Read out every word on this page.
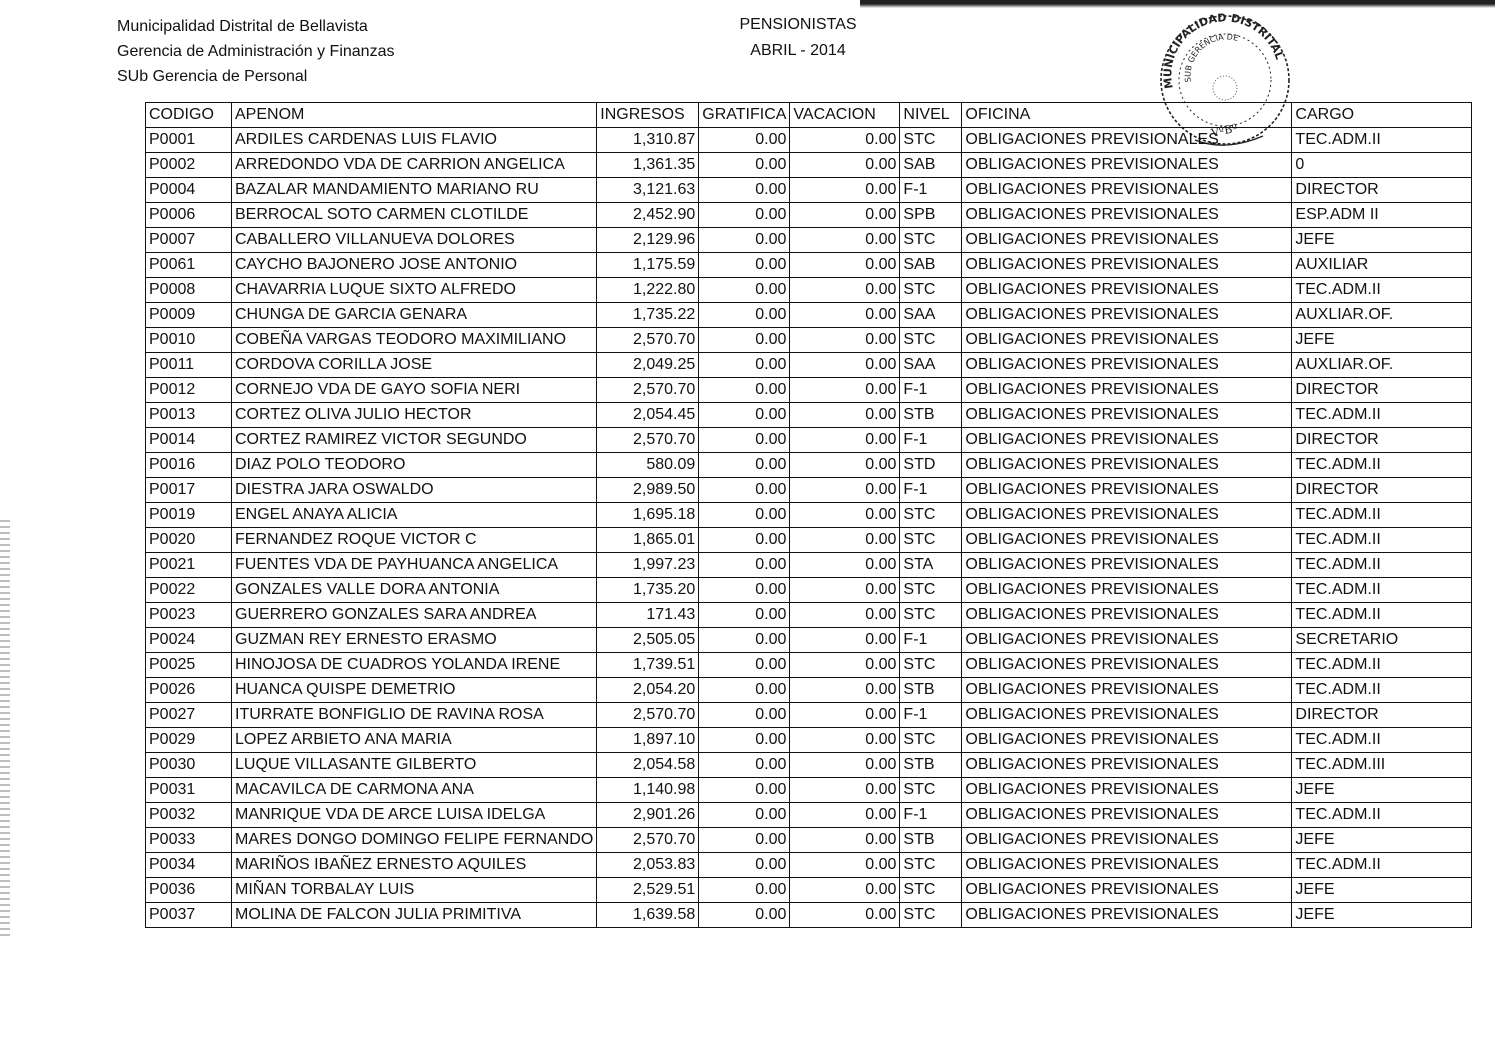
Municipalidad Distrital de Bellavista
Gerencia de Administración y Finanzas
SUb Gerencia de Personal
PENSIONISTAS
ABRIL - 2014
MUNICIPALIDAD DISTRITAL
SUB GERENCIA DE
VºBº
CODIGO	APENOM	INGRESOS	GRATIFICA	VACACION	NIVEL	OFICINA	CARGO
P0001	ARDILES CARDENAS LUIS FLAVIO	1,310.87	0.00	0.00	STC	OBLIGACIONES PREVISIONALES	TEC.ADM.II
P0002	ARREDONDO VDA DE CARRION ANGELICA	1,361.35	0.00	0.00	SAB	OBLIGACIONES PREVISIONALES	0
P0004	BAZALAR MANDAMIENTO MARIANO RU	3,121.63	0.00	0.00	F-1	OBLIGACIONES PREVISIONALES	DIRECTOR
P0006	BERROCAL SOTO CARMEN CLOTILDE	2,452.90	0.00	0.00	SPB	OBLIGACIONES PREVISIONALES	ESP.ADM II
P0007	CABALLERO VILLANUEVA DOLORES	2,129.96	0.00	0.00	STC	OBLIGACIONES PREVISIONALES	JEFE
P0061	CAYCHO BAJONERO JOSE ANTONIO	1,175.59	0.00	0.00	SAB	OBLIGACIONES PREVISIONALES	AUXILIAR
P0008	CHAVARRIA LUQUE SIXTO ALFREDO	1,222.80	0.00	0.00	STC	OBLIGACIONES PREVISIONALES	TEC.ADM.II
P0009	CHUNGA DE GARCIA GENARA	1,735.22	0.00	0.00	SAA	OBLIGACIONES PREVISIONALES	AUXLIAR.OF.
P0010	COBEÑA VARGAS TEODORO MAXIMILIANO	2,570.70	0.00	0.00	STC	OBLIGACIONES PREVISIONALES	JEFE
P0011	CORDOVA CORILLA JOSE	2,049.25	0.00	0.00	SAA	OBLIGACIONES PREVISIONALES	AUXLIAR.OF.
P0012	CORNEJO VDA DE GAYO SOFIA NERI	2,570.70	0.00	0.00	F-1	OBLIGACIONES PREVISIONALES	DIRECTOR
P0013	CORTEZ OLIVA JULIO HECTOR	2,054.45	0.00	0.00	STB	OBLIGACIONES PREVISIONALES	TEC.ADM.II
P0014	CORTEZ RAMIREZ VICTOR SEGUNDO	2,570.70	0.00	0.00	F-1	OBLIGACIONES PREVISIONALES	DIRECTOR
P0016	DIAZ POLO TEODORO	580.09	0.00	0.00	STD	OBLIGACIONES PREVISIONALES	TEC.ADM.II
P0017	DIESTRA JARA OSWALDO	2,989.50	0.00	0.00	F-1	OBLIGACIONES PREVISIONALES	DIRECTOR
P0019	ENGEL ANAYA ALICIA	1,695.18	0.00	0.00	STC	OBLIGACIONES PREVISIONALES	TEC.ADM.II
P0020	FERNANDEZ ROQUE VICTOR C	1,865.01	0.00	0.00	STC	OBLIGACIONES PREVISIONALES	TEC.ADM.II
P0021	FUENTES VDA DE PAYHUANCA ANGELICA	1,997.23	0.00	0.00	STA	OBLIGACIONES PREVISIONALES	TEC.ADM.II
P0022	GONZALES VALLE DORA ANTONIA	1,735.20	0.00	0.00	STC	OBLIGACIONES PREVISIONALES	TEC.ADM.II
P0023	GUERRERO GONZALES SARA ANDREA	171.43	0.00	0.00	STC	OBLIGACIONES PREVISIONALES	TEC.ADM.II
P0024	GUZMAN REY ERNESTO ERASMO	2,505.05	0.00	0.00	F-1	OBLIGACIONES PREVISIONALES	SECRETARIO
P0025	HINOJOSA DE CUADROS YOLANDA IRENE	1,739.51	0.00	0.00	STC	OBLIGACIONES PREVISIONALES	TEC.ADM.II
P0026	HUANCA QUISPE DEMETRIO	2,054.20	0.00	0.00	STB	OBLIGACIONES PREVISIONALES	TEC.ADM.II
P0027	ITURRATE BONFIGLIO DE RAVINA ROSA	2,570.70	0.00	0.00	F-1	OBLIGACIONES PREVISIONALES	DIRECTOR
P0029	LOPEZ ARBIETO ANA MARIA	1,897.10	0.00	0.00	STC	OBLIGACIONES PREVISIONALES	TEC.ADM.II
P0030	LUQUE VILLASANTE GILBERTO	2,054.58	0.00	0.00	STB	OBLIGACIONES PREVISIONALES	TEC.ADM.III
P0031	MACAVILCA DE CARMONA ANA	1,140.98	0.00	0.00	STC	OBLIGACIONES PREVISIONALES	JEFE
P0032	MANRIQUE VDA DE ARCE LUISA IDELGA	2,901.26	0.00	0.00	F-1	OBLIGACIONES PREVISIONALES	TEC.ADM.II
P0033	MARES DONGO DOMINGO FELIPE FERNANDO	2,570.70	0.00	0.00	STB	OBLIGACIONES PREVISIONALES	JEFE
P0034	MARIÑOS IBAÑEZ ERNESTO AQUILES	2,053.83	0.00	0.00	STC	OBLIGACIONES PREVISIONALES	TEC.ADM.II
P0036	MIÑAN TORBALAY LUIS	2,529.51	0.00	0.00	STC	OBLIGACIONES PREVISIONALES	JEFE
P0037	MOLINA DE FALCON JULIA PRIMITIVA	1,639.58	0.00	0.00	STC	OBLIGACIONES PREVISIONALES	JEFE
